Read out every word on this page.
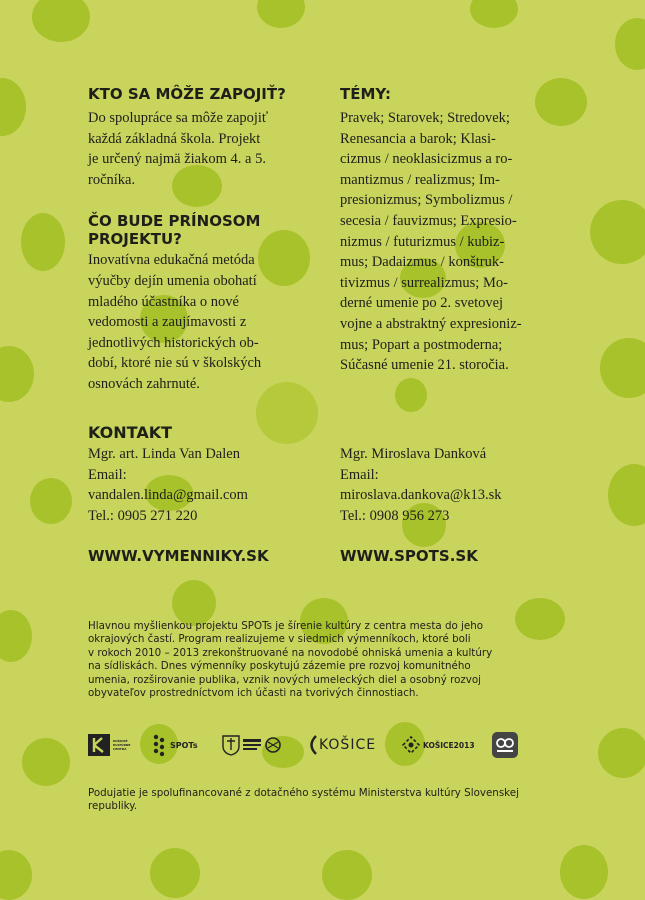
KTO SA MÔŽE ZAPOJIŤ?

Do spolupráce sa môže zapojiť

každá základná škola. Projekt

je určený najmä žiakom 4. a 5.

ročníka.

ČO BUDE PRÍNOSOM
PROJEKTU?

Inovatívna edukačná metóda

výučby dejín umenia obohatí

mladého účastníka o nové

vedomosti a zaujímavosti z

jednotlivých historických ob-

dobí, ktoré nie sú v školských

osnovách zahrnuté.

TÉMY:

Pravek; Starovek; Stredovek;

Renesancia a barok; Klasi-

cizmus / neoklasicizmus a ro-

mantizmus / realizmus; Im-

presionizmus; Symbolizmus /

secesia / fauvizmus; Expresio-

nizmus / futurizmus / kubiz-

mus; Dadaizmus / konštruk-

tivizmus / surrealizmus; Mo-

derné umenie po 2. svetovej

vojne a abstraktný expresioniz-

mus; Popart a postmoderna;

Súčasné umenie 21. storočia.

KONTAKT

Mgr. art. Linda Van Dalen

Email:

vandalen.linda@gmail.com

Tel.: 0905 271 220

Mgr. Miroslava Danková

Email:

miroslava.dankova@k13.sk

Tel.: 0908 956 273

WWW.VYMENNIKY.SK	WWW.SPOTS.SK
Hlavnou myšlienkou projektu SPOTs je šírenie kultúry z centra mesta do jeho
okrajových častí. Program realizujeme v siedmich výmenníkoch, ktoré boli
v rokoch 2010 – 2013 zrekonštruované na novodobé ohniská umenia a kultúry
na sídliskách. Dnes výmenníky poskytujú zázemie pre rozvoj komunitného
umenia, rozširovanie publika, vznik nových umeleckých diel a osobný rozvoj
obyvateľov prostredníctvom ich účasti na tvorivých činnostiach.
KOŠICKÉ KULTÚRNE CENTRÁ	SPOTs	KOŠICE	KOŠICE2013
Podujatie je spolufinancované z dotačného systému Ministerstva kultúry Slovenskej
republiky.
